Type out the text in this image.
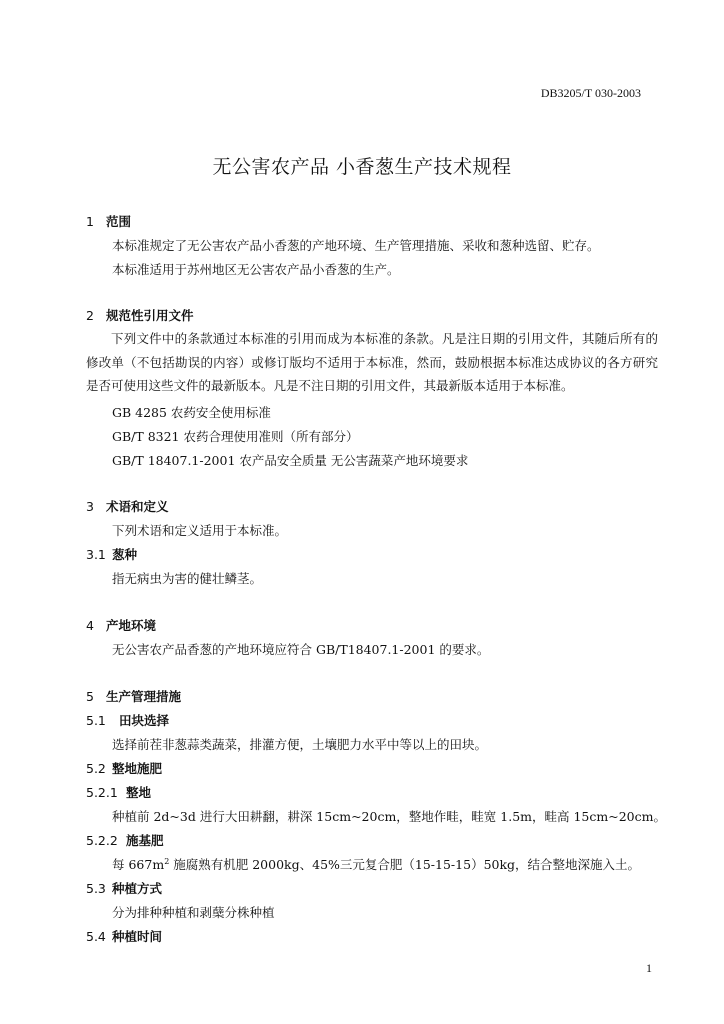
DB3205/T 030-2003
无公害农产品 小香葱生产技术规程
1 范围
本标准规定了无公害农产品小香葱的产地环境、生产管理措施、采收和葱种选留、贮存。
本标准适用于苏州地区无公害农产品小香葱的生产。
2 规范性引用文件
下列文件中的条款通过本标准的引用而成为本标准的条款。凡是注日期的引用文件，其随后所有的修改单（不包括勘误的内容）或修订版均不适用于本标准，然而，鼓励根据本标准达成协议的各方研究是否可使用这些文件的最新版本。凡是不注日期的引用文件，其最新版本适用于本标准。
GB 4285 农药安全使用标准
GB/T 8321 农药合理使用准则（所有部分）
GB/T 18407.1-2001 农产品安全质量 无公害蔬菜产地环境要求
3 术语和定义
下列术语和定义适用于本标准。
3.1 葱种
指无病虫为害的健壮鳞茎。
4 产地环境
无公害农产品香葱的产地环境应符合 GB/T18407.1-2001 的要求。
5 生产管理措施
5.1 田块选择
选择前茬非葱蒜类蔬菜，排灌方便，土壤肥力水平中等以上的田块。
5.2 整地施肥
5.2.1 整地
种植前 2d~3d 进行大田耕翻，耕深 15cm~20cm，整地作畦，畦宽 1.5m，畦高 15cm~20cm。
5.2.2 施基肥
每 $667m^2$ 施腐熟有机肥 2000kg、45%三元复合肥（15-15-15）50kg，结合整地深施入土。
5.3 种植方式
分为排种种植和剥蘖分株种植
5.4 种植时间
1
